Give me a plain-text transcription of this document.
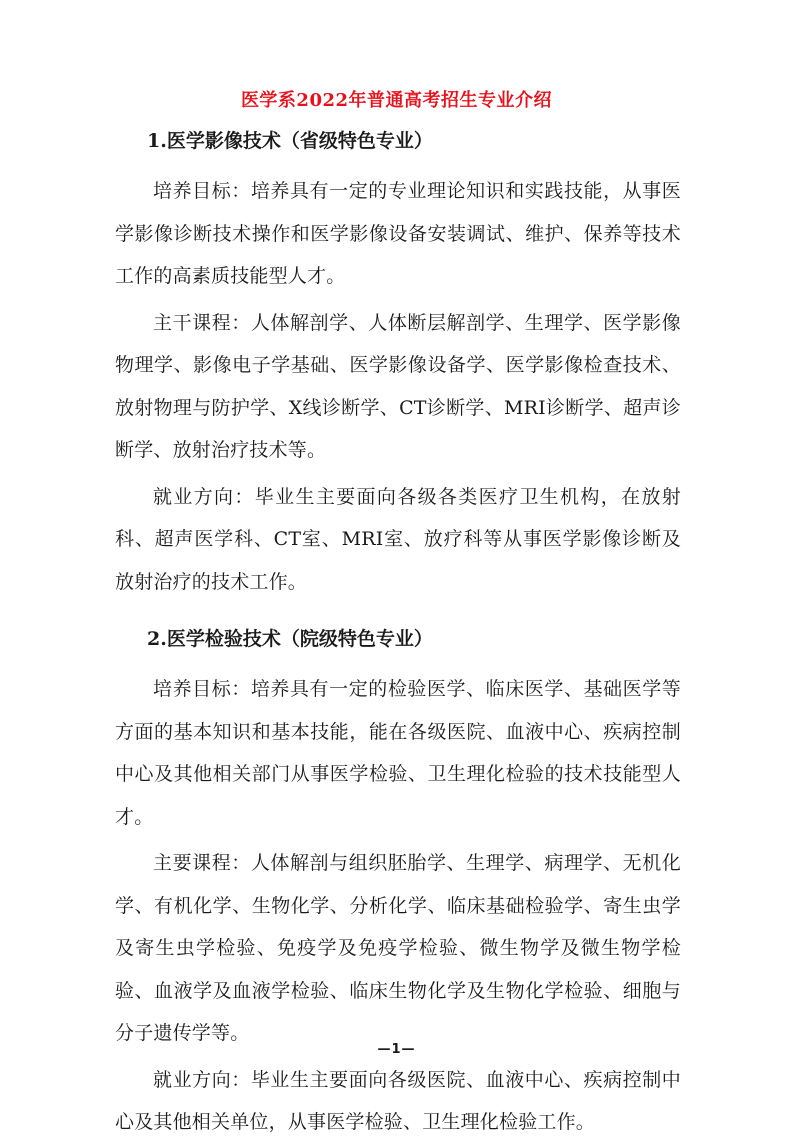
医学系2022年普通高考招生专业介绍
1.医学影像技术（省级特色专业）

培养目标：培养具有一定的专业理论知识和实践技能，从事医学影像诊断技术操作和医学影像设备安装调试、维护、保养等技术工作的高素质技能型人才。

主干课程：人体解剖学、人体断层解剖学、生理学、医学影像物理学、影像电子学基础、医学影像设备学、医学影像检查技术、放射物理与防护学、X线诊断学、CT诊断学、MRI诊断学、超声诊断学、放射治疗技术等。

就业方向：毕业生主要面向各级各类医疗卫生机构，在放射科、超声医学科、CT室、MRI室、放疗科等从事医学影像诊断及放射治疗的技术工作。

2.医学检验技术（院级特色专业）

培养目标：培养具有一定的检验医学、临床医学、基础医学等方面的基本知识和基本技能，能在各级医院、血液中心、疾病控制中心及其他相关部门从事医学检验、卫生理化检验的技术技能型人才。

主要课程：人体解剖与组织胚胎学、生理学、病理学、无机化学、有机化学、生物化学、分析化学、临床基础检验学、寄生虫学及寄生虫学检验、免疫学及免疫学检验、微生物学及微生物学检验、血液学及血液学检验、临床生物化学及生物化学检验、细胞与分子遗传学等。

就业方向：毕业生主要面向各级医院、血液中心、疾病控制中心及其他相关单位，从事医学检验、卫生理化检验工作。

—1—
